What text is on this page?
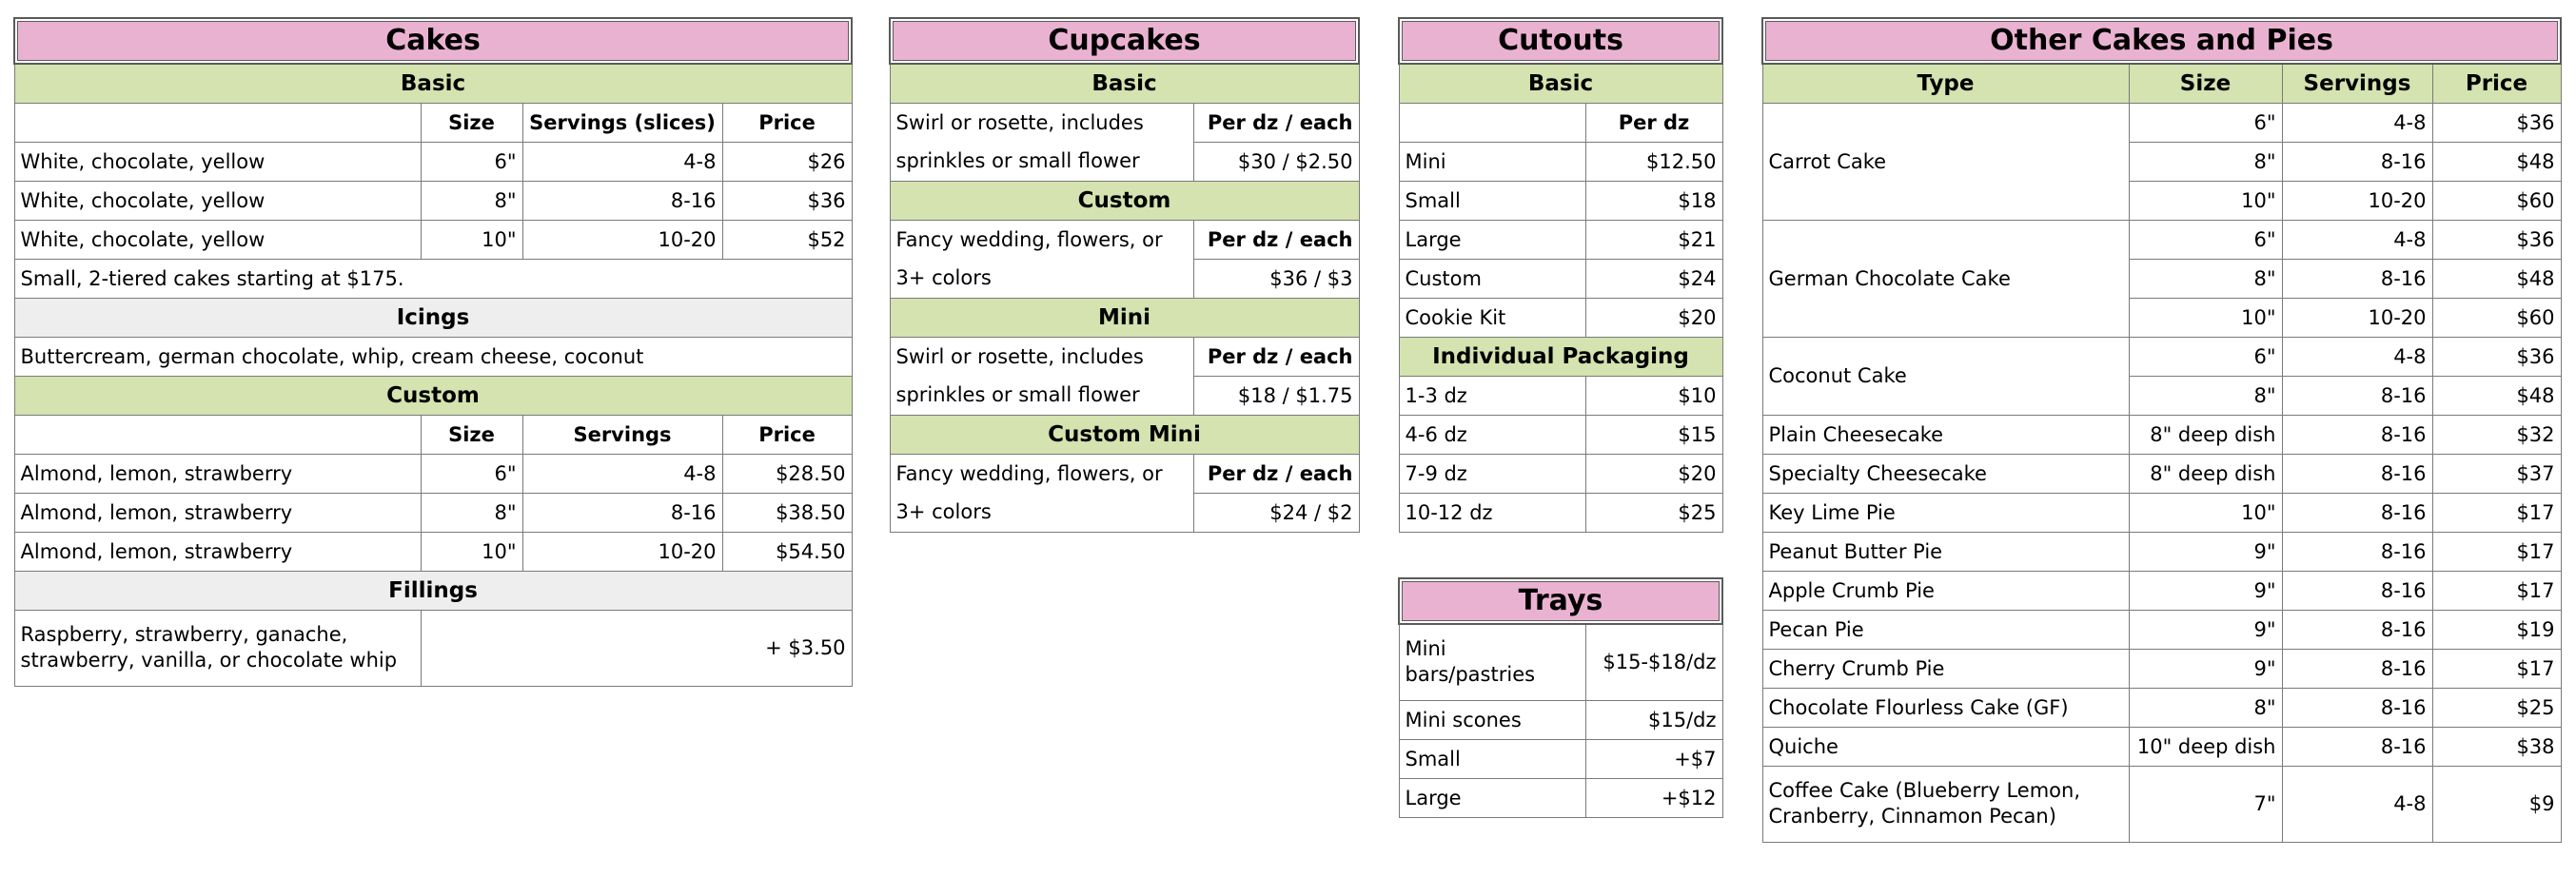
Cakes			
Basic			
	Size	Servings (slices)	Price
White, chocolate, yellow	6"	4-8	$26
White, chocolate, yellow	8"	8-16	$36
White, chocolate, yellow	10"	10-20	$52
Small, 2-tiered cakes starting at $175.			
Icings			
Buttercream, german chocolate, whip, cream cheese, coconut			
Custom			
	Size	Servings	Price
Almond, lemon, strawberry	6"	4-8	$28.50
Almond, lemon, strawberry	8"	8-16	$38.50
Almond, lemon, strawberry	10"	10-20	$54.50
Fillings			
Raspberry, strawberry, ganache, strawberry, vanilla, or chocolate whip	+ $3.50		
Cupcakes	
Basic	
Swirl or rosette, includes	Per dz / each
sprinkles or small flower	$30 / $2.50
Custom	
Fancy wedding, flowers, or	Per dz / each
3+ colors	$36 / $3
Mini	
Swirl or rosette, includes	Per dz / each
sprinkles or small flower	$18 / $1.75
Custom Mini	
Fancy wedding, flowers, or	Per dz / each
3+ colors	$24 / $2
Cutouts	
Basic	
	Per dz
Mini	$12.50
Small	$18
Large	$21
Custom	$24
Cookie Kit	$20
Individual Packaging	
1-3 dz	$10
4-6 dz	$15
7-9 dz	$20
10-12 dz	$25
Trays	
Mini bars/pastries	$15-$18/dz
Mini scones	$15/dz
Small	+$7
Large	+$12
Other Cakes and Pies			
Type	Size	Servings	Price
Carrot Cake	6"	4-8	$36
	8"	8-16	$48
	10"	10-20	$60
German Chocolate Cake	6"	4-8	$36
	8"	8-16	$48
	10"	10-20	$60
Coconut Cake	6"	4-8	$36
	8"	8-16	$48
Plain Cheesecake	8" deep dish	8-16	$32
Specialty Cheesecake	8" deep dish	8-16	$37
Key Lime Pie	10"	8-16	$17
Peanut Butter Pie	9"	8-16	$17
Apple Crumb Pie	9"	8-16	$17
Pecan Pie	9"	8-16	$19
Cherry Crumb Pie	9"	8-16	$17
Chocolate Flourless Cake (GF)	8"	8-16	$25
Quiche	10" deep dish	8-16	$38
Coffee Cake (Blueberry Lemon, Cranberry, Cinnamon Pecan)	7"	4-8	$9
